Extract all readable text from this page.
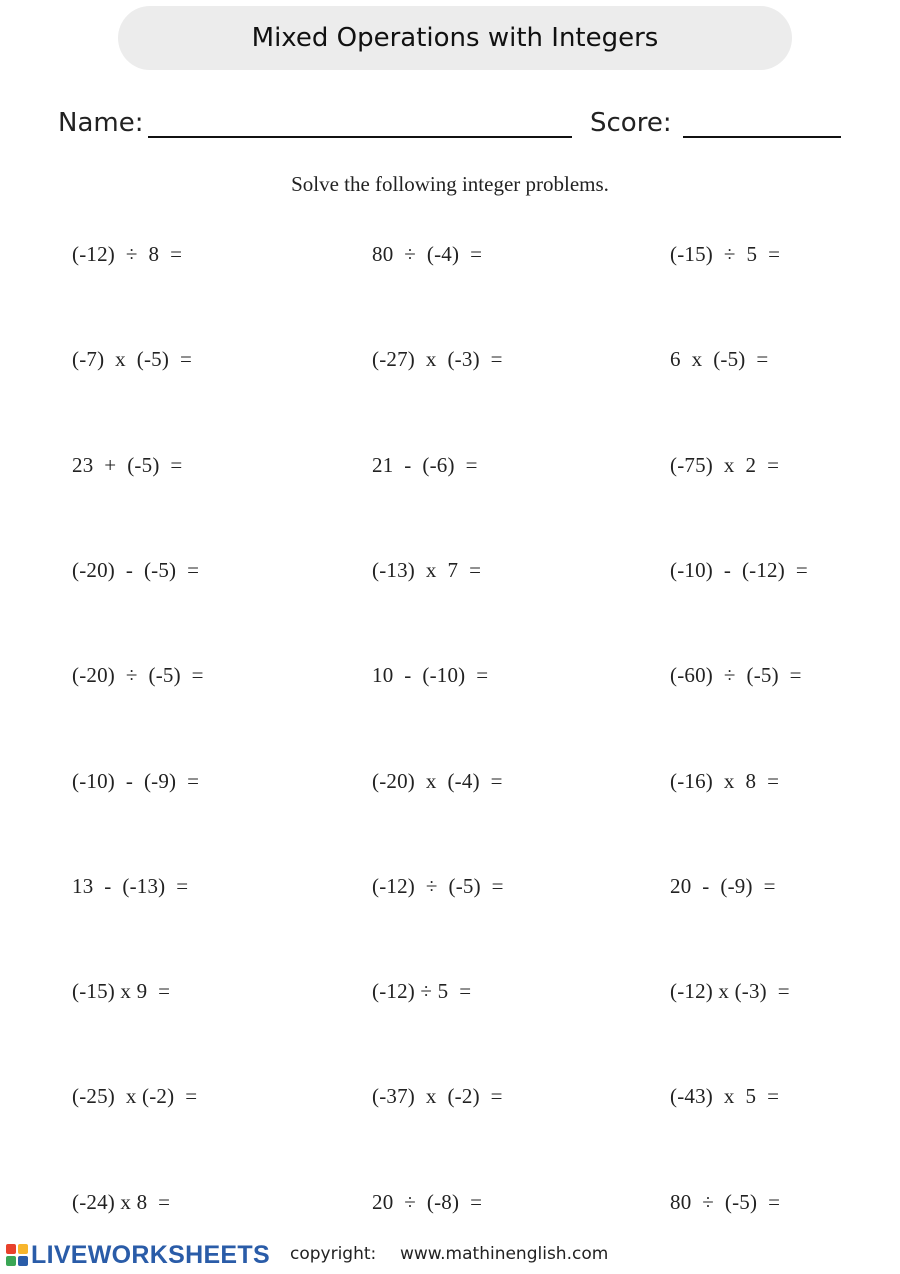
Mixed Operations with Integers
Name:	Score:
Solve the following integer problems.
(-12)  ÷  8  =	80  ÷  (-4)  =	(-15)  ÷  5  =
(-7)  x  (-5)  =	(-27)  x  (-3)  =	6  x  (-5)  =
23  +  (-5)  =	21  -  (-6)  =	(-75)  x  2  =
(-20)  -  (-5)  =	(-13)  x  7  =	(-10)  -  (-12)  =
(-20)  ÷  (-5)  =	10  -  (-10)  =	(-60)  ÷  (-5)  =
(-10)  -  (-9)  =	(-20)  x  (-4)  =	(-16)  x  8  =
13  -  (-13)  =	(-12)  ÷  (-5)  =	20  -  (-9)  =
(-15) x 9  =	(-12) ÷ 5  =	(-12) x (-3)  =
(-25)  x (-2)  =	(-37)  x  (-2)  =	(-43)  x  5  =
(-24) x 8  =	20  ÷  (-8)  =	80  ÷  (-5)  =
LIVEWORKSHEETS copyright: www.mathinenglish.com
